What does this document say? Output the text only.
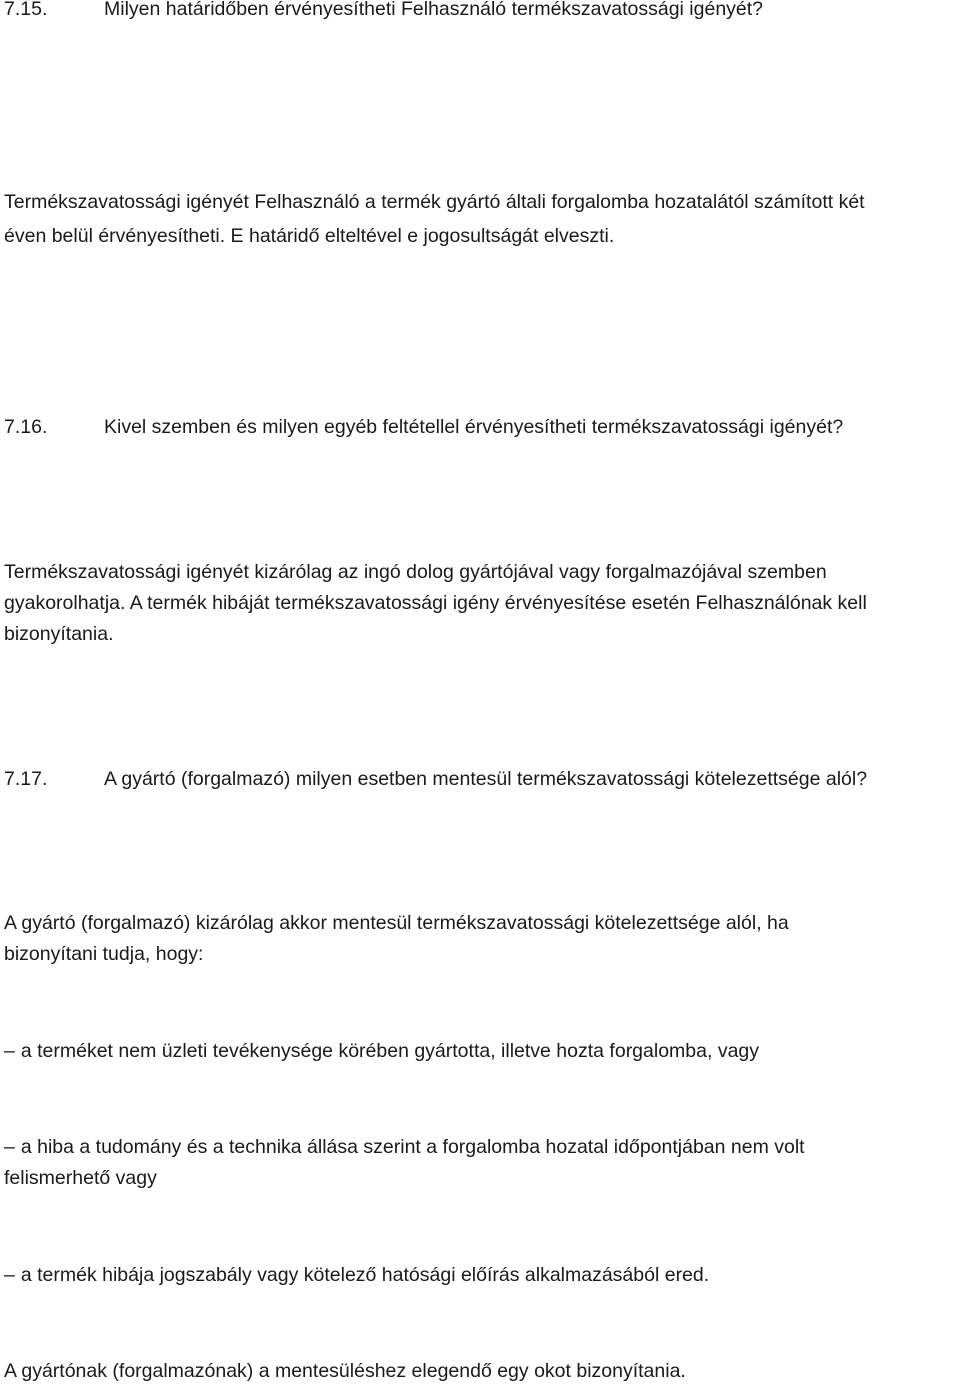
7.15.	Milyen határidőben érvényesítheti Felhasználó termékszavatossági igényét?
Termékszavatossági igényét Felhasználó a termék gyártó általi forgalomba hozatalától számított két
éven belül érvényesítheti. E határidő elteltével e jogosultságát elveszti.
7.16.	Kivel szemben és milyen egyéb feltétellel érvényesítheti termékszavatossági igényét?
Termékszavatossági igényét kizárólag az ingó dolog gyártójával vagy forgalmazójával szemben
gyakorolhatja. A termék hibáját termékszavatossági igény érvényesítése esetén Felhasználónak kell
bizonyítania.
7.17.	A gyártó (forgalmazó) milyen esetben mentesül termékszavatossági kötelezettsége alól?
A gyártó (forgalmazó) kizárólag akkor mentesül termékszavatossági kötelezettsége alól, ha
bizonyítani tudja, hogy:
– a terméket nem üzleti tevékenysége körében gyártotta, illetve hozta forgalomba, vagy
– a hiba a tudomány és a technika állása szerint a forgalomba hozatal időpontjában nem volt
felismerhető vagy
– a termék hibája jogszabály vagy kötelező hatósági előírás alkalmazásából ered.
A gyártónak (forgalmazónak) a mentesüléshez elegendő egy okot bizonyítania.
